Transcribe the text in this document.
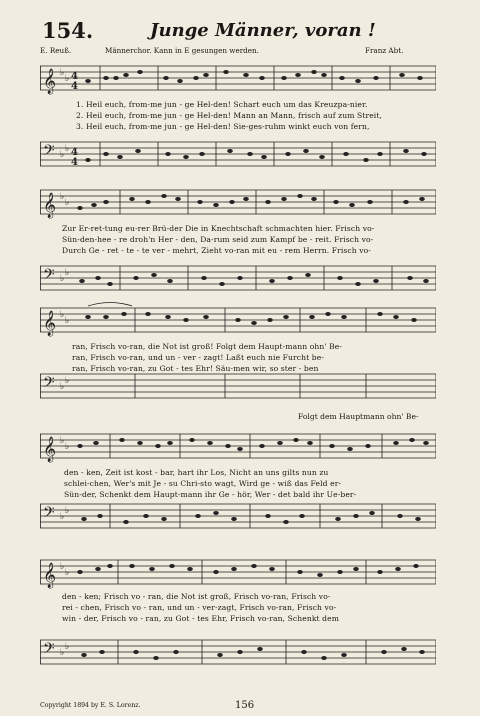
154.	Junge Männer, voran !
E. Reuß.	Männerchor. Kann in E gesungen werden.	Franz Abt.
𝄞 ♭
♭ 4
4
1. Heil euch, from-me jun - ge Hel-den! Schart euch um das Kreuzpa-nier.
2. Heil euch, from-me jun - ge Hel-den! Mann an Mann, frisch auf zum Streit,
3. Heil euch, from-me jun - ge Hel-den! Sie-ges-ruhm winkt euch von fern,
𝄢 ♭
♭ 4
4
𝄞 ♭
♭
Zur Er-ret-tung eu-rer Brü-der Die in Knechtschaft schmachten hier. Frisch vo-
Sün-den-hee - re droh'n Her - den, Da-rum seid zum Kampf be - reit. Frisch vo-
Durch Ge - ret - te - te ver - mehrt, Zieht vo-ran mit eu - rem Herrn. Frisch vo-
𝄢 ♭
♭
𝄞 ♭
♭
ran, Frisch vo-ran, die Not ist groß! Folgt dem Haupt-mann ohn' Be-
ran, Frisch vo-ran, und un - ver - zagt! Laßt euch nie Furcht be-
ran, Frisch vo-ran, zu Got - tes Ehr! Säu-men wir, so ster - ben
𝄢 ♭
♭
Folgt dem Hauptmann ohn' Be-
𝄞 ♭
♭
den - ken, Zeit ist kost - bar, hart ihr Los, Nicht an uns gilts nun zu
schlei-chen, Wer's mit Je - su Chri-sto wagt, Wird ge - wiß das Feld er-
Sün-der, Schenkt dem Haupt-mann ihr Ge - hör, Wer - det bald ihr Ue-ber-
𝄢 ♭
♭
𝄞 ♭
♭
den - ken; Frisch vo - ran, die Not ist groß, Frisch vo-ran, Frisch vo-
rei - chen, Frisch vo - ran, und un - ver-zagt, Frisch vo-ran, Frisch vo-
win - der, Frisch vo - ran, zu Got - tes Ehr, Frisch vo-ran, Schenkt dem
𝄢 ♭
♭
Copyright 1894 by E. S. Lorenz.	156
